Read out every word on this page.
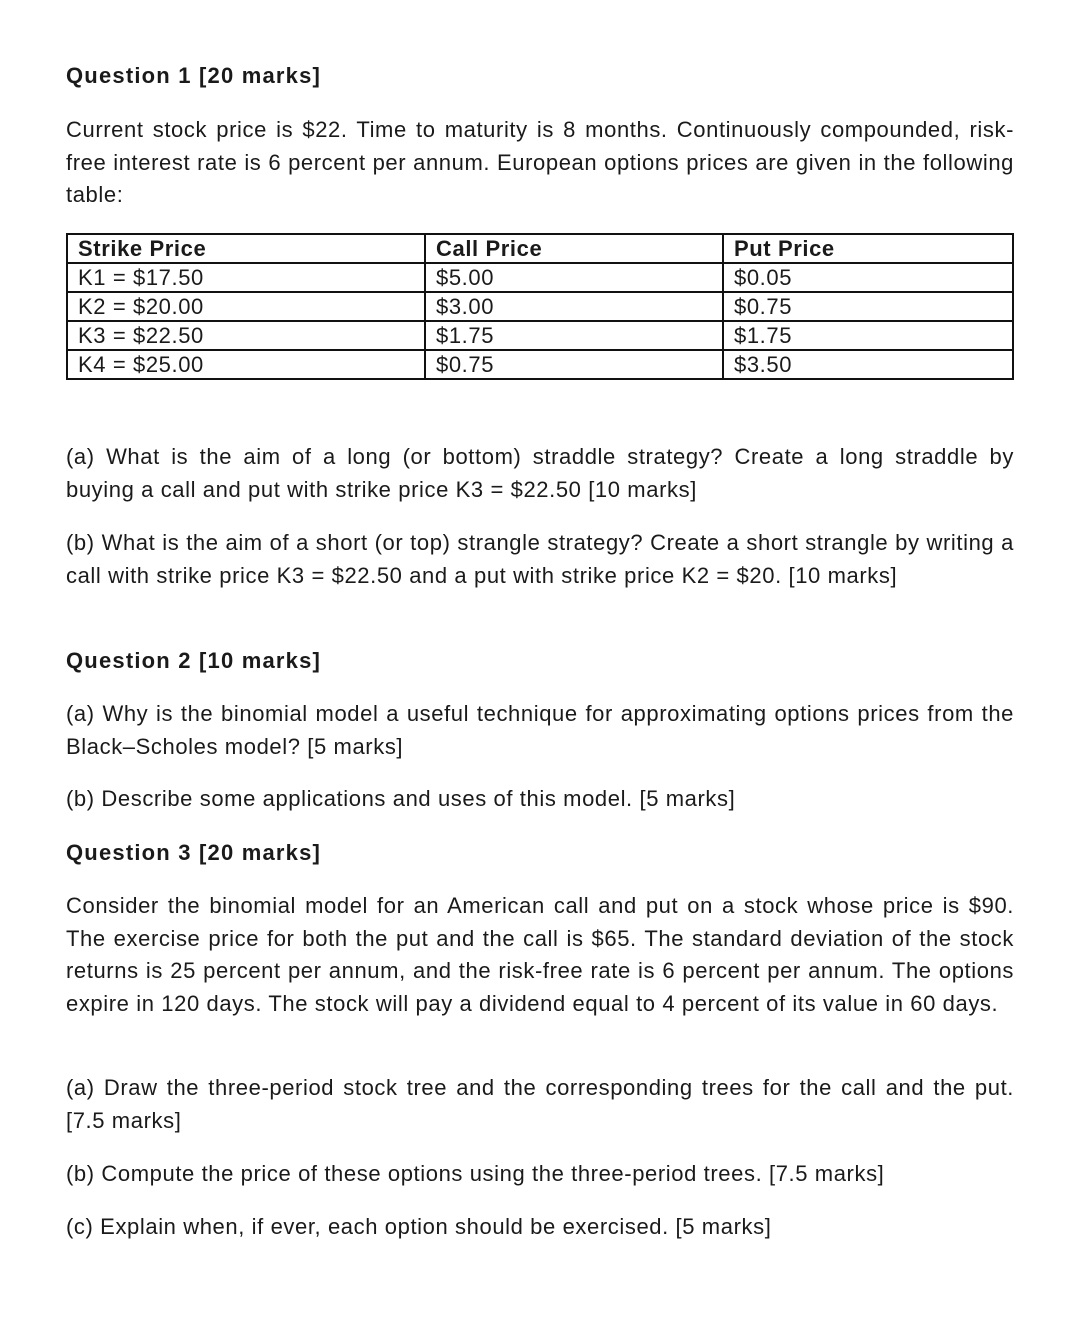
Question 1 [20 marks]
Current stock price is $22. Time to maturity is 8 months. Continuously compounded, risk-free interest rate is 6 percent per annum. European options prices are given in the following table:
Strike Price	Call Price	Put Price
K1 = $17.50	$5.00	$0.05
K2 = $20.00	$3.00	$0.75
K3 = $22.50	$1.75	$1.75
K4 = $25.00	$0.75	$3.50
(a) What is the aim of a long (or bottom) straddle strategy? Create a long straddle by buying a call and put with strike price K3 = $22.50 [10 marks]
(b) What is the aim of a short (or top) strangle strategy? Create a short strangle by writing a call with strike price K3 = $22.50 and a put with strike price K2 = $20. [10 marks]
Question 2 [10 marks]
(a) Why is the binomial model a useful technique for approximating options prices from the Black–Scholes model? [5 marks]
(b) Describe some applications and uses of this model. [5 marks]
Question 3 [20 marks]
Consider the binomial model for an American call and put on a stock whose price is $90. The exercise price for both the put and the call is $65. The standard deviation of the stock returns is 25 percent per annum, and the risk-free rate is 6 percent per annum. The options expire in 120 days. The stock will pay a dividend equal to 4 percent of its value in 60 days.
(a) Draw the three-period stock tree and the corresponding trees for the call and the put. [7.5 marks]
(b) Compute the price of these options using the three-period trees. [7.5 marks]
(c) Explain when, if ever, each option should be exercised. [5 marks]
